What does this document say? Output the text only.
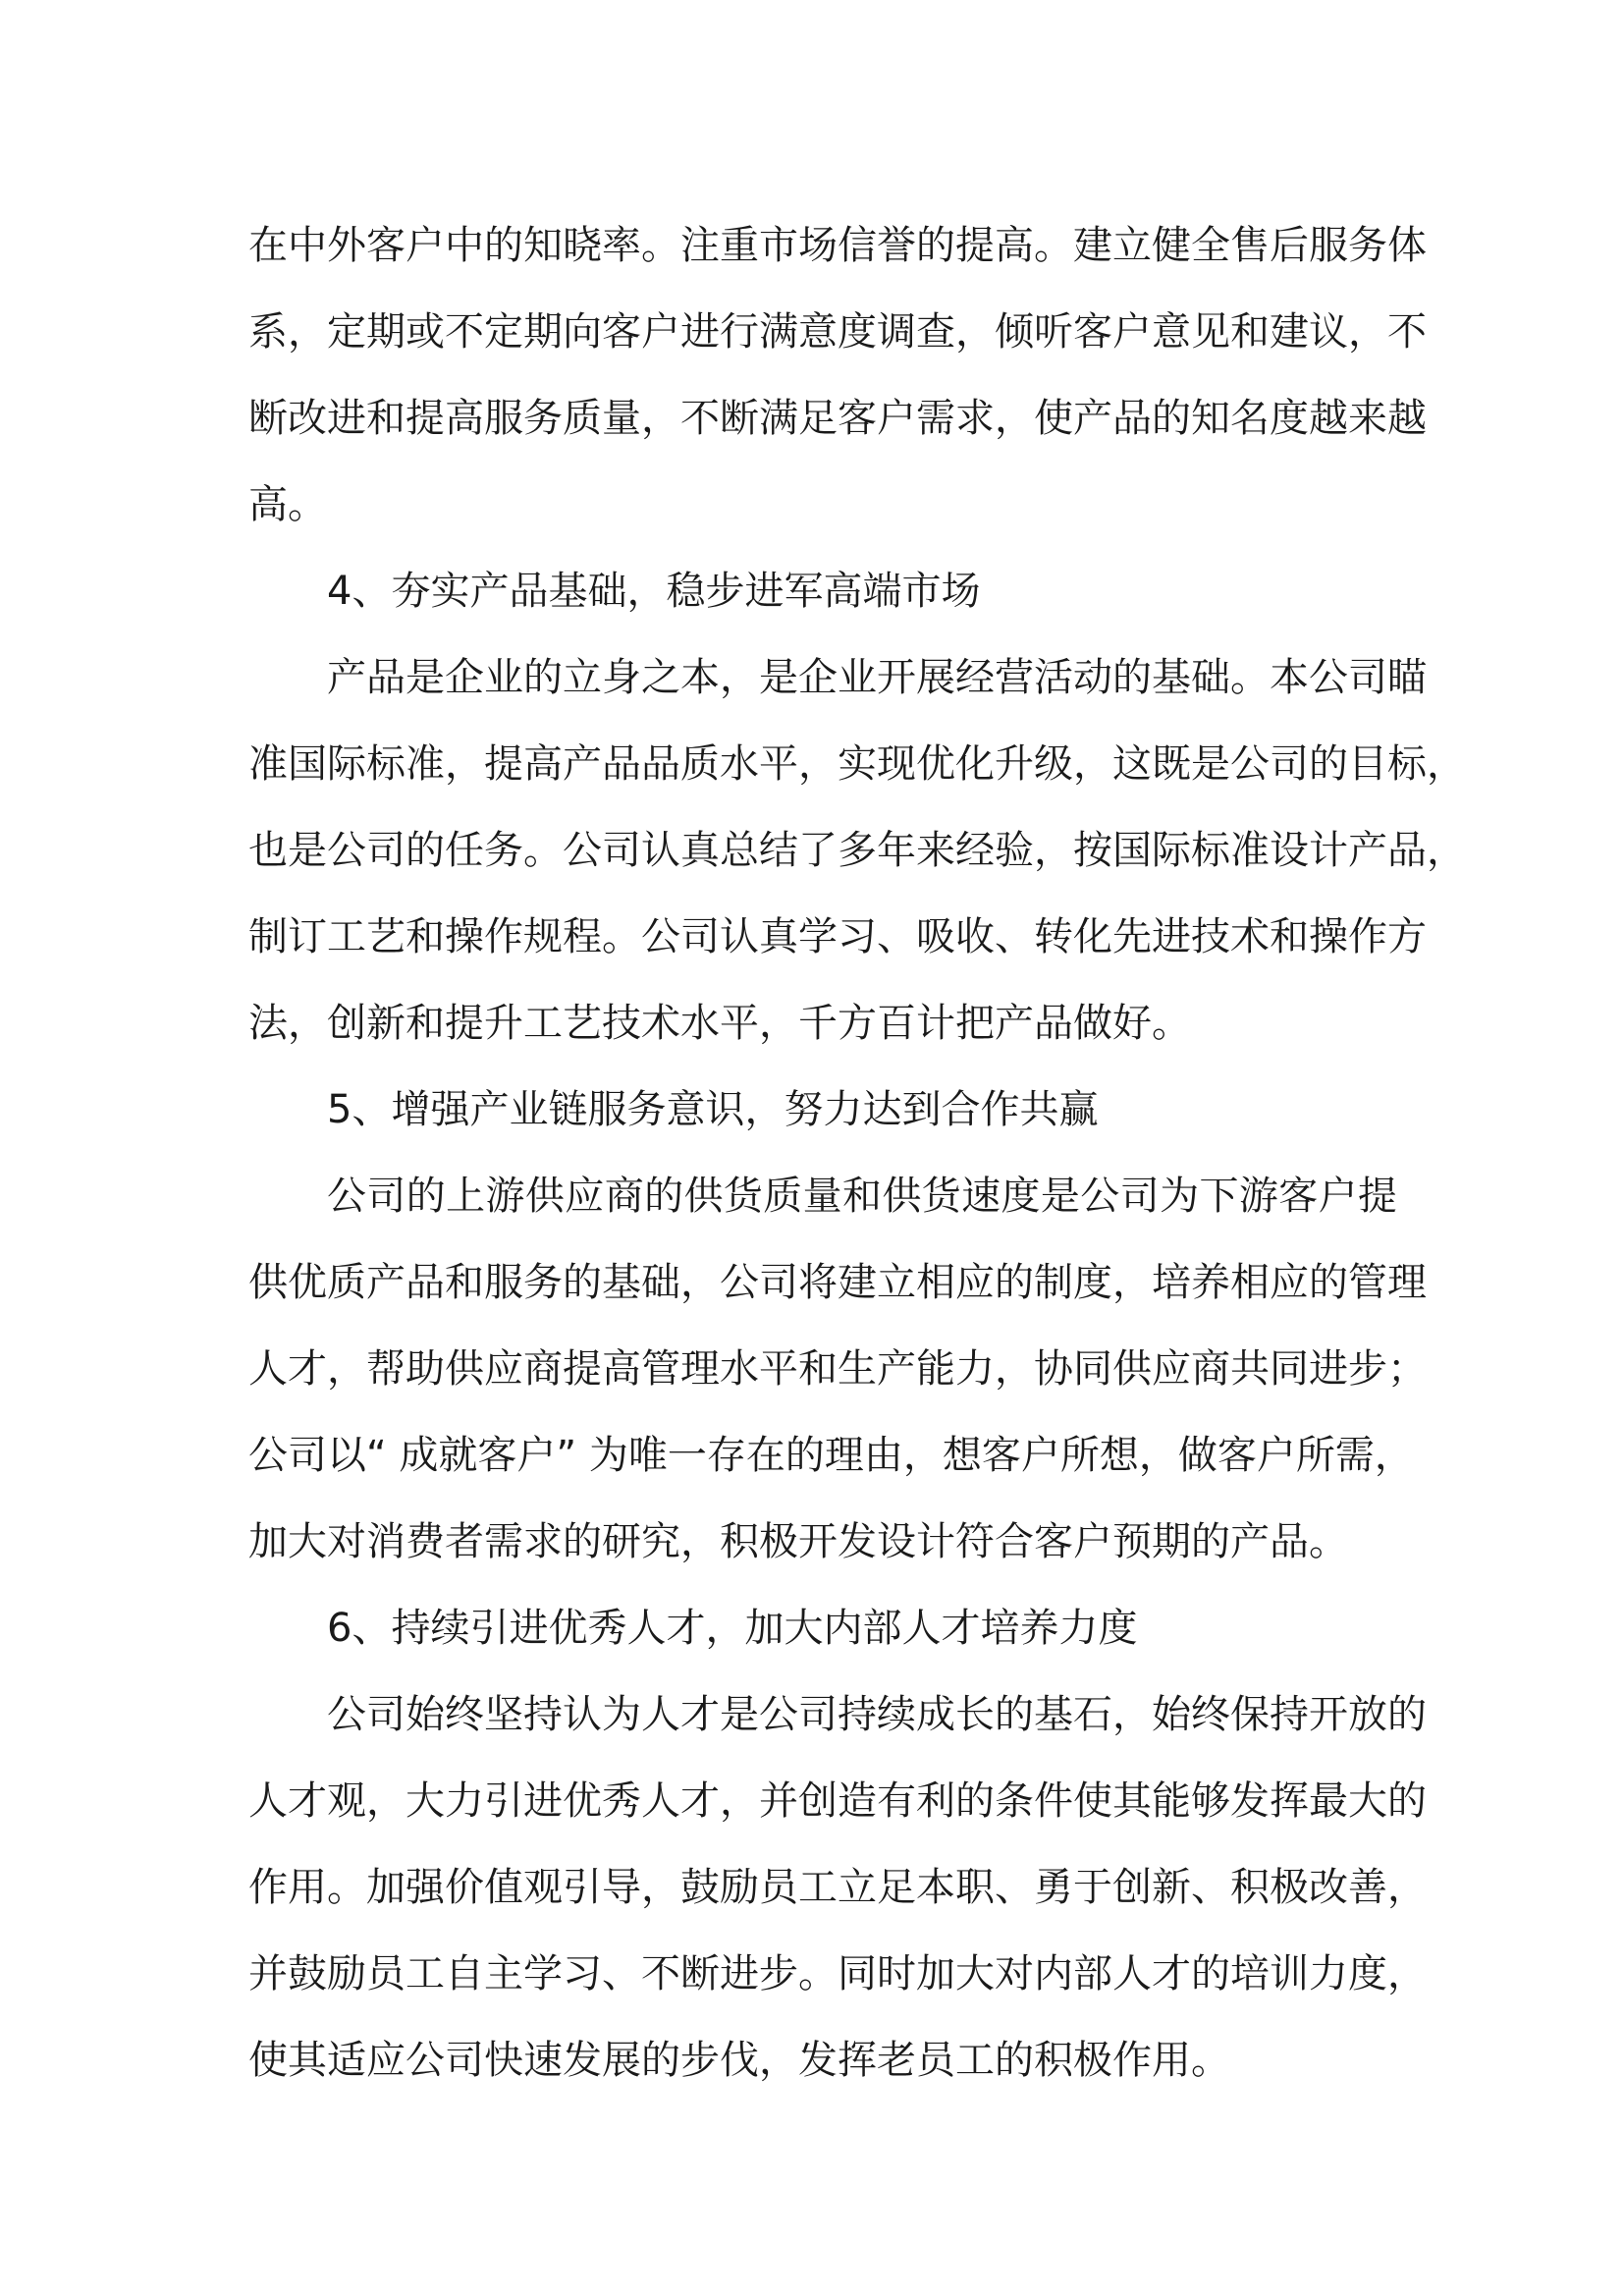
在中外客户中的知晓率。注重市场信誉的提高。建立健全售后服务体
系，定期或不定期向客户进行满意度调查，倾听客户意见和建议，不
断改进和提高服务质量，不断满足客户需求，使产品的知名度越来越
高。
4、夯实产品基础，稳步进军高端市场
产品是企业的立身之本，是企业开展经营活动的基础。本公司瞄
准国际标准，提高产品品质水平，实现优化升级，这既是公司的目标，
也是公司的任务。公司认真总结了多年来经验，按国际标准设计产品，
制订工艺和操作规程。公司认真学习、吸收、转化先进技术和操作方
法，创新和提升工艺技术水平，千方百计把产品做好。
5、增强产业链服务意识，努力达到合作共赢
公司的上游供应商的供货质量和供货速度是公司为下游客户提
供优质产品和服务的基础，公司将建立相应的制度，培养相应的管理
人才，帮助供应商提高管理水平和生产能力，协同供应商共同进步；
公司以“ 成就客户” 为唯一存在的理由，想客户所想，做客户所需，
加大对消费者需求的研究，积极开发设计符合客户预期的产品。
6、持续引进优秀人才，加大内部人才培养力度
公司始终坚持认为人才是公司持续成长的基石，始终保持开放的
人才观，大力引进优秀人才，并创造有利的条件使其能够发挥最大的
作用。加强价值观引导，鼓励员工立足本职、勇于创新、积极改善，
并鼓励员工自主学习、不断进步。同时加大对内部人才的培训力度，
使其适应公司快速发展的步伐，发挥老员工的积极作用。
